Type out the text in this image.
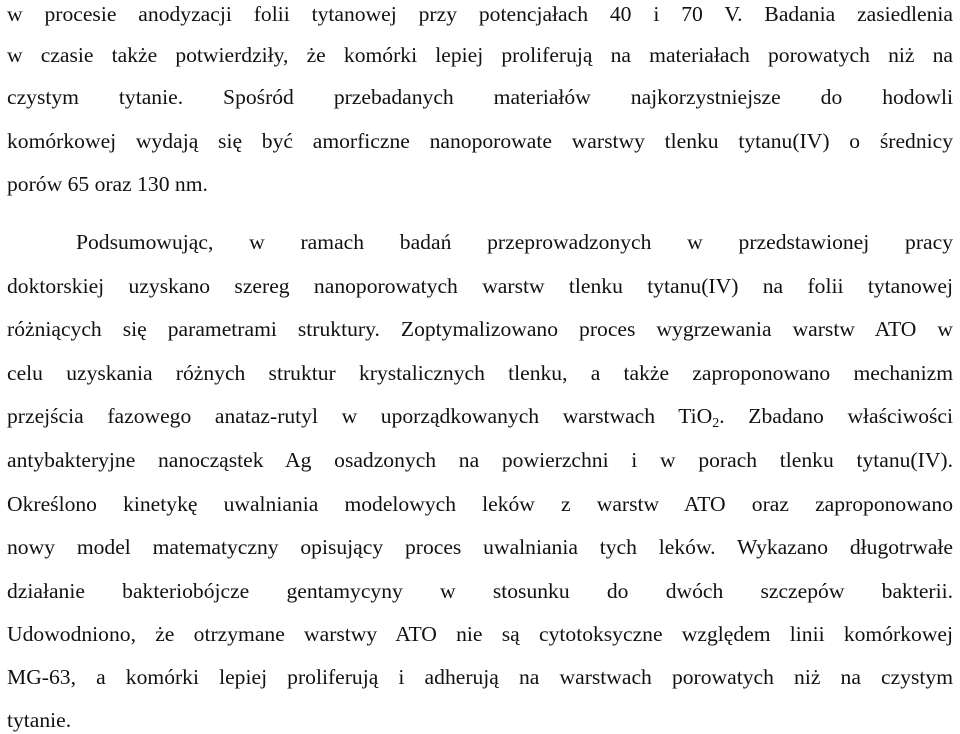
w procesie anodyzacji folii tytanowej przy potencjałach 40 i 70 V. Badania zasiedlenia
w czasie także potwierdziły, że komórki lepiej proliferują na materiałach porowatych niż na
czystym tytanie. Spośród przebadanych materiałów najkorzystniejsze do hodowli
komórkowej wydają się być amorficzne nanoporowate warstwy tlenku tytanu(IV) o średnicy
porów 65 oraz 130 nm.
Podsumowując, w ramach badań przeprowadzonych w przedstawionej pracy
doktorskiej uzyskano szereg nanoporowatych warstw tlenku tytanu(IV) na folii tytanowej
różniących się parametrami struktury. Zoptymalizowano proces wygrzewania warstw ATO w
celu uzyskania różnych struktur krystalicznych tlenku, a także zaproponowano mechanizm
przejścia fazowego anataz-rutyl w uporządkowanych warstwach TiO$_2$. Zbadano właściwości
antybakteryjne nanocząstek Ag osadzonych na powierzchni i w porach tlenku tytanu(IV).
Określono kinetykę uwalniania modelowych leków z warstw ATO oraz zaproponowano
nowy model matematyczny opisujący proces uwalniania tych leków. Wykazano długotrwałe
działanie bakteriobójcze gentamycyny w stosunku do dwóch szczepów bakterii.
Udowodniono, że otrzymane warstwy ATO nie są cytotoksyczne względem linii komórkowej
MG-63, a komórki lepiej proliferują i adherują na warstwach porowatych niż na czystym
tytanie.
